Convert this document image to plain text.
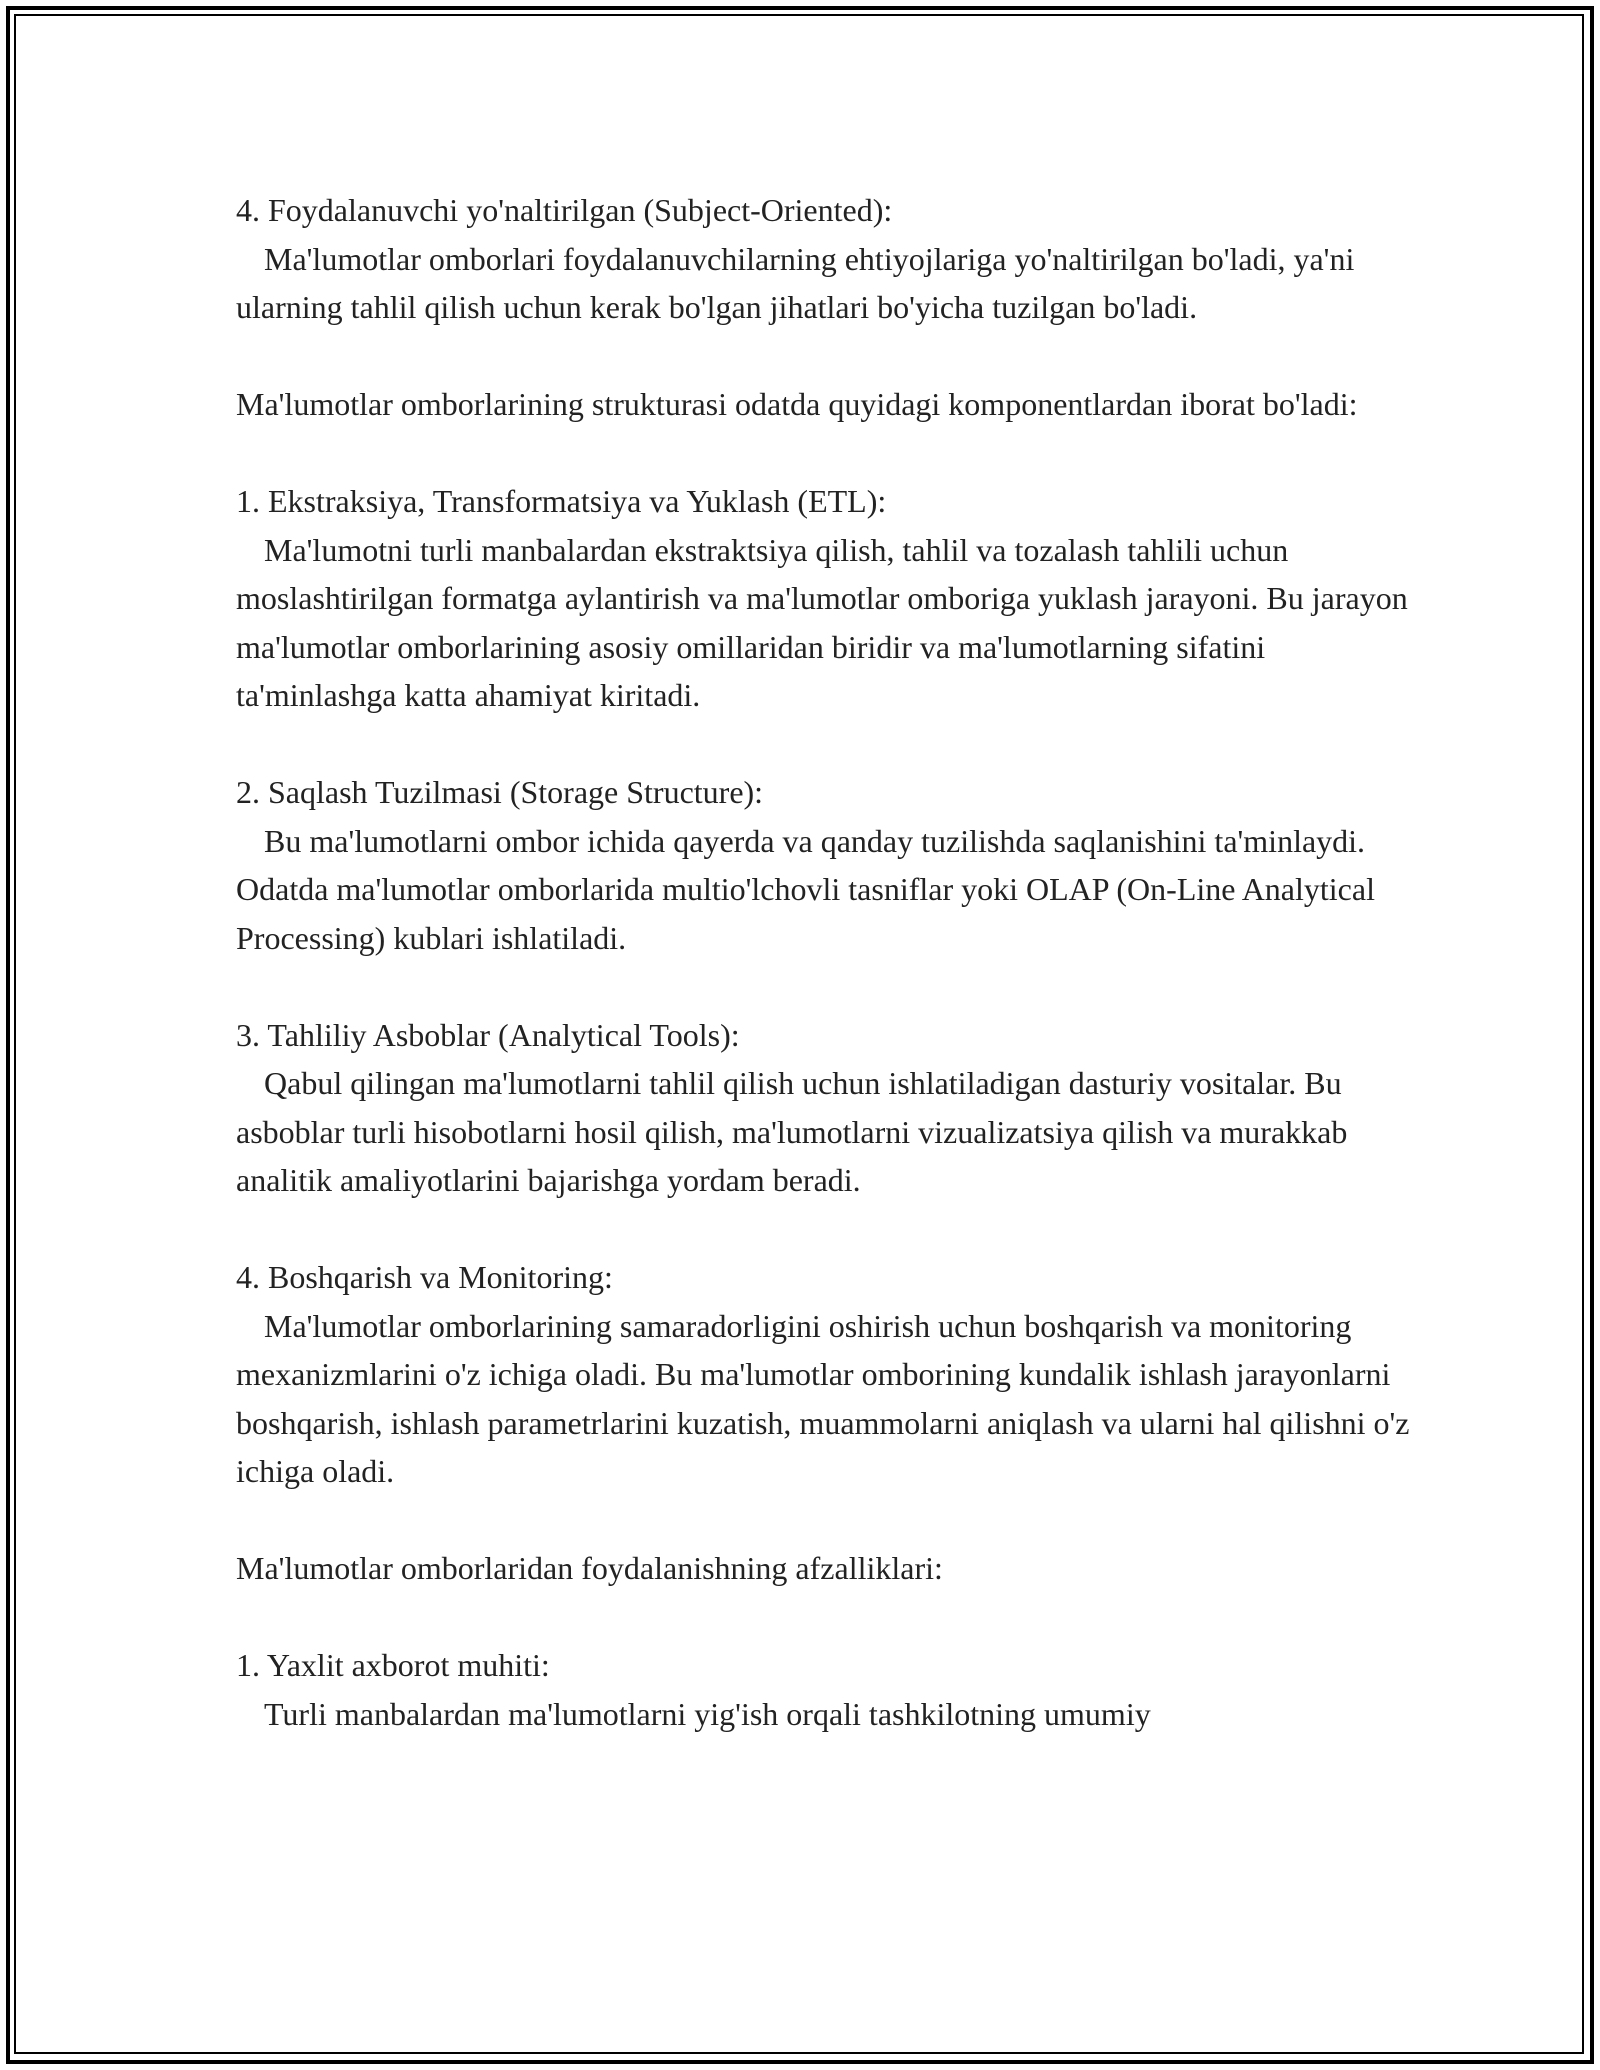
4. Foydalanuvchi yo'naltirilgan (Subject-Oriented):

Ma'lumotlar omborlari foydalanuvchilarning ehtiyojlariga yo'naltirilgan bo'ladi, ya'ni ularning tahlil qilish uchun kerak bo'lgan jihatlari bo'yicha tuzilgan bo'ladi.

Ma'lumotlar omborlarining strukturasi odatda quyidagi komponentlardan iborat bo'ladi:

1. Ekstraksiya, Transformatsiya va Yuklash (ETL):

Ma'lumotni turli manbalardan ekstraktsiya qilish, tahlil va tozalash tahlili uchun moslashtirilgan formatga aylantirish va ma'lumotlar omboriga yuklash jarayoni. Bu jarayon ma'lumotlar omborlarining asosiy omillaridan biridir va ma'lumotlarning sifatini ta'minlashga katta ahamiyat kiritadi.

2. Saqlash Tuzilmasi (Storage Structure):

Bu ma'lumotlarni ombor ichida qayerda va qanday tuzilishda saqlanishini ta'minlaydi. Odatda ma'lumotlar omborlarida multio'lchovli tasniflar yoki OLAP (On-Line Analytical Processing) kublari ishlatiladi.

3. Tahliliy Asboblar (Analytical Tools):

Qabul qilingan ma'lumotlarni tahlil qilish uchun ishlatiladigan dasturiy vositalar. Bu asboblar turli hisobotlarni hosil qilish, ma'lumotlarni vizualizatsiya qilish va murakkab analitik amaliyotlarini bajarishga yordam beradi.

4. Boshqarish va Monitoring:

Ma'lumotlar omborlarining samaradorligini oshirish uchun boshqarish va monitoring mexanizmlarini o'z ichiga oladi. Bu ma'lumotlar omborining kundalik ishlash jarayonlarni boshqarish, ishlash parametrlarini kuzatish, muammolarni aniqlash va ularni hal qilishni o'z ichiga oladi.

Ma'lumotlar omborlaridan foydalanishning afzalliklari:

1. Yaxlit axborot muhiti:

Turli manbalardan ma'lumotlarni yig'ish orqali tashkilotning umumiy
